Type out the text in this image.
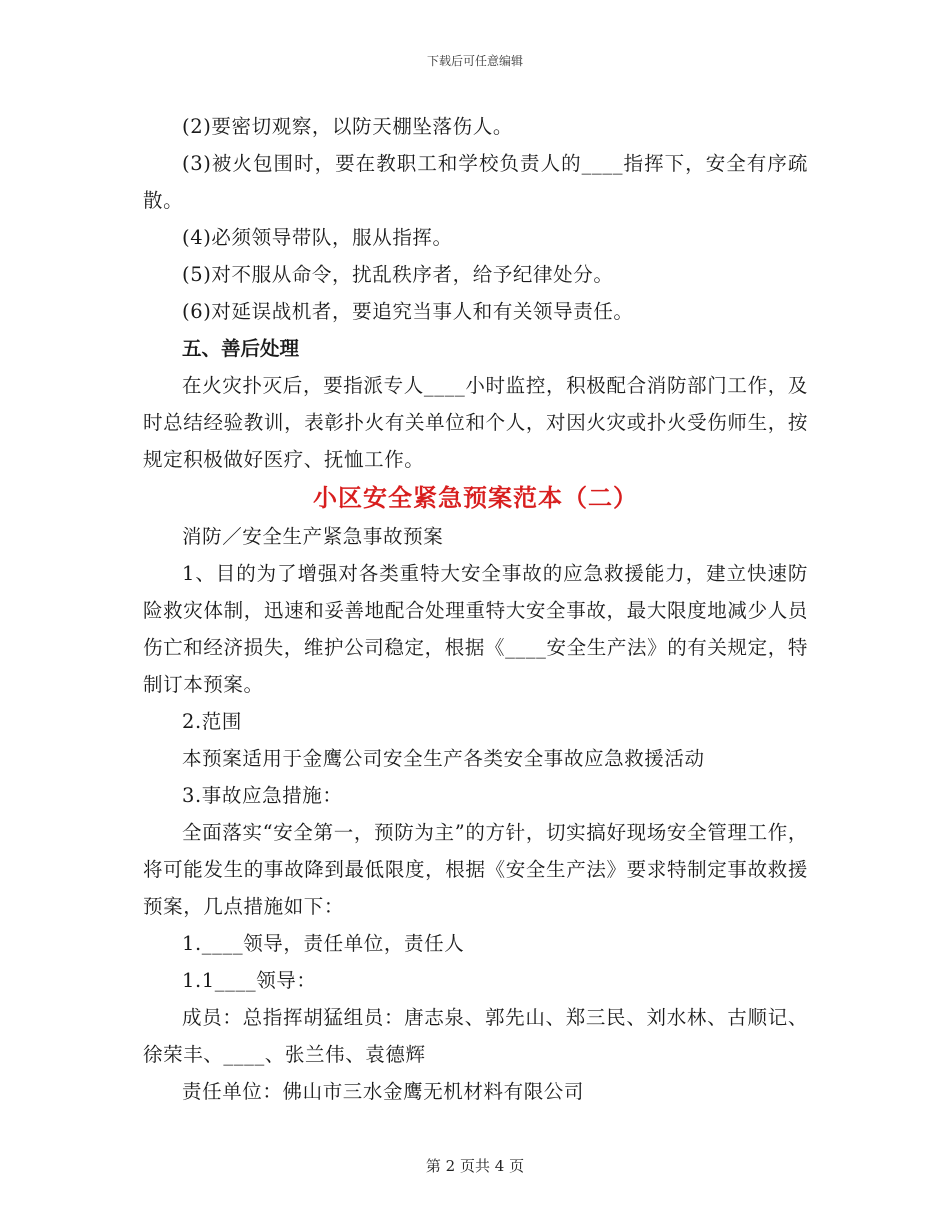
下载后可任意编辑

(2)要密切观察，以防天棚坠落伤人。

(3)被火包围时，要在教职工和学校负责人的____指挥下，安全有序疏散。

(4)必须领导带队，服从指挥。

(5)对不服从命令，扰乱秩序者，给予纪律处分。

(6)对延误战机者，要追究当事人和有关领导责任。

五、善后处理

在火灾扑灭后，要指派专人____小时监控，积极配合消防部门工作，及时总结经验教训，表彰扑火有关单位和个人，对因火灾或扑火受伤师生，按规定积极做好医疗、抚恤工作。

小区安全紧急预案范本（二）

消防／安全生产紧急事故预案

1、目的为了增强对各类重特大安全事故的应急救援能力，建立快速防险救灾体制，迅速和妥善地配合处理重特大安全事故，最大限度地减少人员伤亡和经济损失，维护公司稳定，根据《____安全生产法》的有关规定，特制订本预案。

2.范围

本预案适用于金鹰公司安全生产各类安全事故应急救援活动

3.事故应急措施：

全面落实“安全第一，预防为主”的方针，切实搞好现场安全管理工作，将可能发生的事故降到最低限度，根据《安全生产法》要求特制定事故救援预案，几点措施如下：

1.____领导，责任单位，责任人

1.1____领导：

成员：总指挥胡猛组员：唐志泉、郭先山、郑三民、刘水林、古顺记、徐荣丰、____、张兰伟、袁德辉

责任单位：佛山市三水金鹰无机材料有限公司

第 2 页共 4 页
